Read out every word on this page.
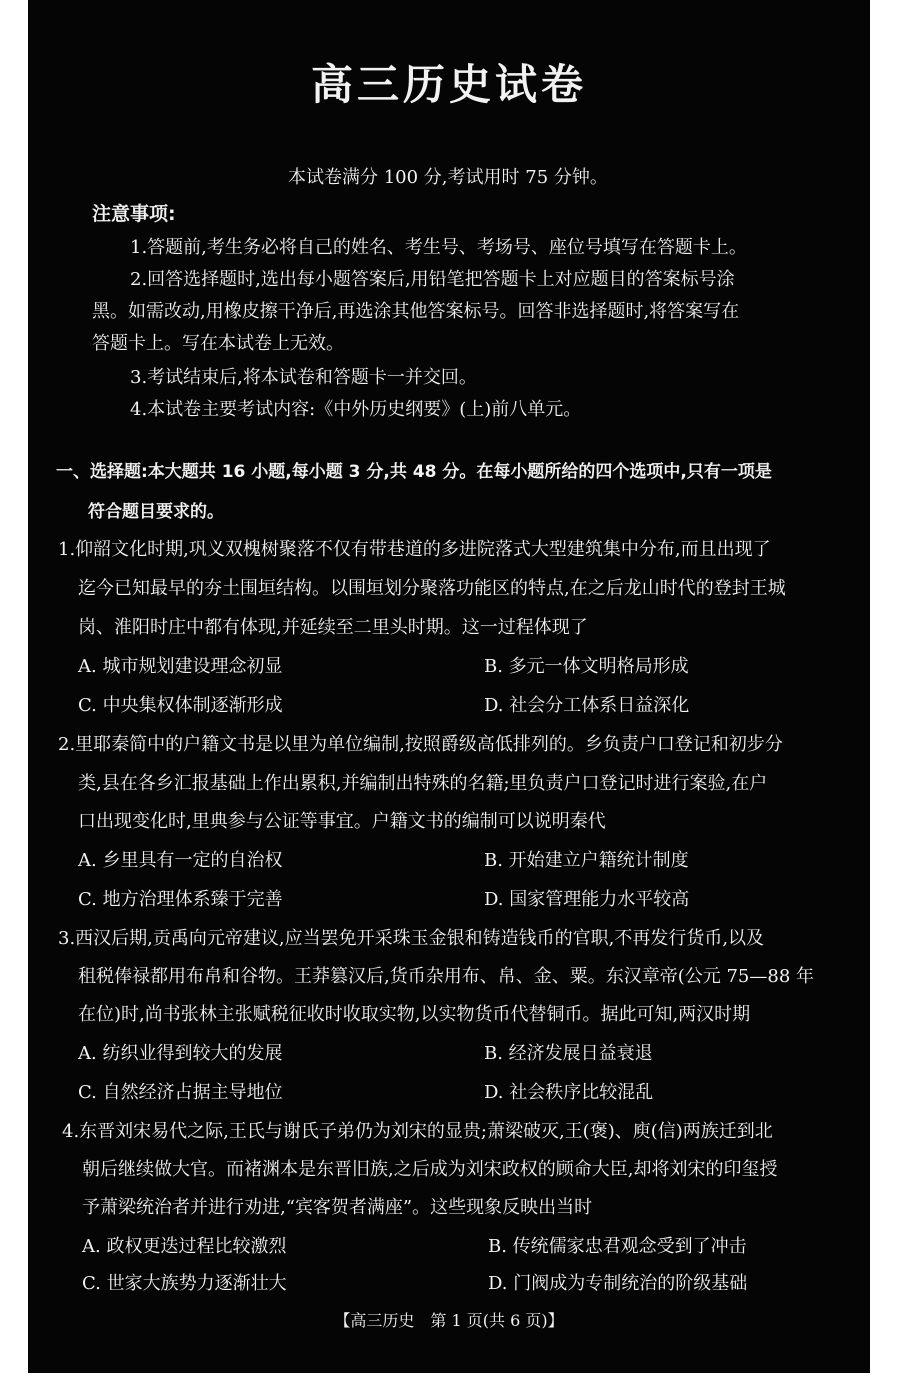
高三历史试卷
本试卷满分 100 分,考试用时 75 分钟。
注意事项:
1.答题前,考生务必将自己的姓名、考生号、考场号、座位号填写在答题卡上。
2.回答选择题时,选出每小题答案后,用铅笔把答题卡上对应题目的答案标号涂
黑。如需改动,用橡皮擦干净后,再选涂其他答案标号。回答非选择题时,将答案写在
答题卡上。写在本试卷上无效。
3.考试结束后,将本试卷和答题卡一并交回。
4.本试卷主要考试内容:《中外历史纲要》(上)前八单元。
一、选择题:本大题共 16 小题,每小题 3 分,共 48 分。在每小题所给的四个选项中,只有一项是
符合题目要求的。
1.仰韶文化时期,巩义双槐树聚落不仅有带巷道的多进院落式大型建筑集中分布,而且出现了
迄今已知最早的夯土围垣结构。以围垣划分聚落功能区的特点,在之后龙山时代的登封王城
岗、淮阳时庄中都有体现,并延续至二里头时期。这一过程体现了
A. 城市规划建设理念初显	B. 多元一体文明格局形成
C. 中央集权体制逐渐形成	D. 社会分工体系日益深化
2.里耶秦简中的户籍文书是以里为单位编制,按照爵级高低排列的。乡负责户口登记和初步分
类,县在各乡汇报基础上作出累积,并编制出特殊的名籍;里负责户口登记时进行案验,在户
口出现变化时,里典参与公证等事宜。户籍文书的编制可以说明秦代
A. 乡里具有一定的自治权	B. 开始建立户籍统计制度
C. 地方治理体系臻于完善	D. 国家管理能力水平较高
3.西汉后期,贡禹向元帝建议,应当罢免开采珠玉金银和铸造钱币的官职,不再发行货币,以及
租税俸禄都用布帛和谷物。王莽篡汉后,货币杂用布、帛、金、粟。东汉章帝(公元 75—88 年
在位)时,尚书张林主张赋税征收时收取实物,以实物货币代替铜币。据此可知,两汉时期
A. 纺织业得到较大的发展	B. 经济发展日益衰退
C. 自然经济占据主导地位	D. 社会秩序比较混乱
4.东晋刘宋易代之际,王氏与谢氏子弟仍为刘宋的显贵;萧梁破灭,王(褒)、庾(信)两族迁到北
朝后继续做大官。而褚渊本是东晋旧族,之后成为刘宋政权的顾命大臣,却将刘宋的印玺授
予萧梁统治者并进行劝进,“宾客贺者满座”。这些现象反映出当时
A. 政权更迭过程比较激烈	B. 传统儒家忠君观念受到了冲击
C. 世家大族势力逐渐壮大	D. 门阀成为专制统治的阶级基础
【高三历史　第 1 页(共 6 页)】
